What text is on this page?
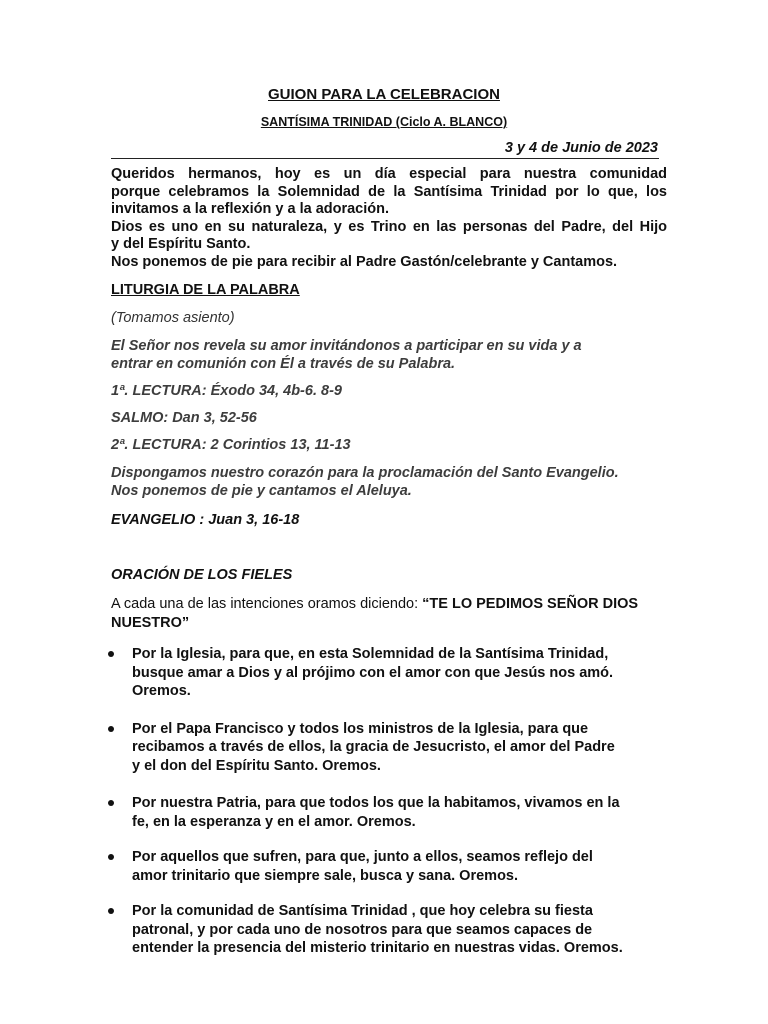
GUION PARA LA CELEBRACION
SANTÍSIMA TRINIDAD (Ciclo A. BLANCO)
3 y 4 de Junio de 2023
Queridos hermanos, hoy es un día especial para nuestra comunidad
porque celebramos la Solemnidad de la Santísima Trinidad por lo que, los
invitamos a la reflexión y a la adoración.
Dios es uno en su naturaleza, y es Trino en las personas del Padre, del Hijo
y del Espíritu Santo.
Nos ponemos de pie para recibir al Padre Gastón/celebrante y Cantamos.
LITURGIA DE LA PALABRA
(Tomamos asiento)
El Señor nos revela su amor invitándonos a participar en su vida y a
entrar en comunión con Él a través de su Palabra.
1ª. LECTURA: Éxodo 34, 4b-6. 8-9
SALMO: Dan 3, 52-56
2ª. LECTURA: 2 Corintios 13, 11-13
Dispongamos nuestro corazón para la proclamación del Santo Evangelio.
Nos ponemos de pie y cantamos el Aleluya.
EVANGELIO : Juan 3, 16-18
ORACIÓN DE LOS FIELES
A cada una de las intenciones oramos diciendo: “TE LO PEDIMOS SEÑOR DIOS NUESTRO”
Por la Iglesia, para que, en esta Solemnidad de la Santísima Trinidad,
busque amar a Dios y al prójimo con el amor con que Jesús nos amó.
Oremos.
Por el Papa Francisco y todos los ministros de la Iglesia, para que
recibamos a través de ellos, la gracia de Jesucristo, el amor del Padre
y el don del Espíritu Santo. Oremos.
Por nuestra Patria, para que todos los que la habitamos, vivamos en la
fe, en la esperanza y en el amor. Oremos.
Por aquellos que sufren, para que, junto a ellos, seamos reflejo del
amor trinitario que siempre sale, busca y sana. Oremos.
Por la comunidad de Santísima Trinidad , que hoy celebra su fiesta
patronal, y por cada uno de nosotros para que seamos capaces de
entender la presencia del misterio trinitario en nuestras vidas. Oremos.
